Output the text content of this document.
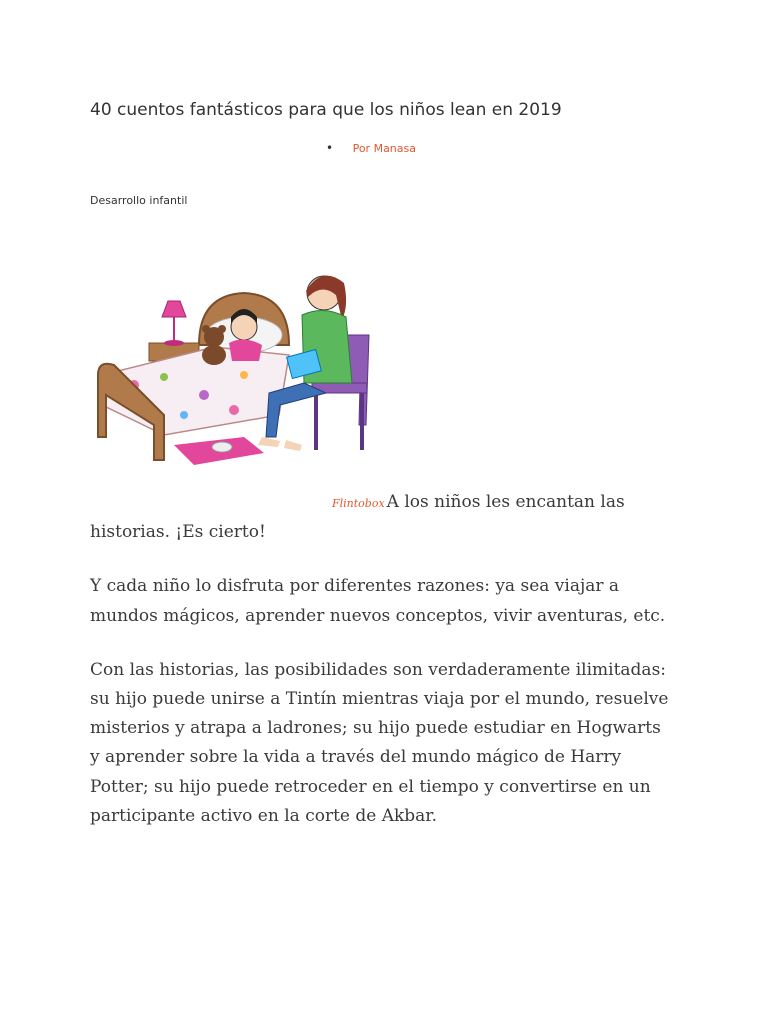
40 cuentos fantásticos para que los niños lean en 2019
• Por Manasa
Desarrollo infantil

Flintobox A los niños les encantan las
historias. ¡Es cierto!

Y cada niño lo disfruta por diferentes razones: ya sea viajar a mundos mágicos, aprender nuevos conceptos, vivir aventuras, etc.

Con las historias, las posibilidades son verdaderamente ilimitadas: su hijo puede unirse a Tintín mientras viaja por el mundo, resuelve misterios y atrapa a ladrones; su hijo puede estudiar en Hogwarts y aprender sobre la vida a través del mundo mágico de Harry Potter; su hijo puede retroceder en el tiempo y convertirse en un participante activo en la corte de Akbar.
